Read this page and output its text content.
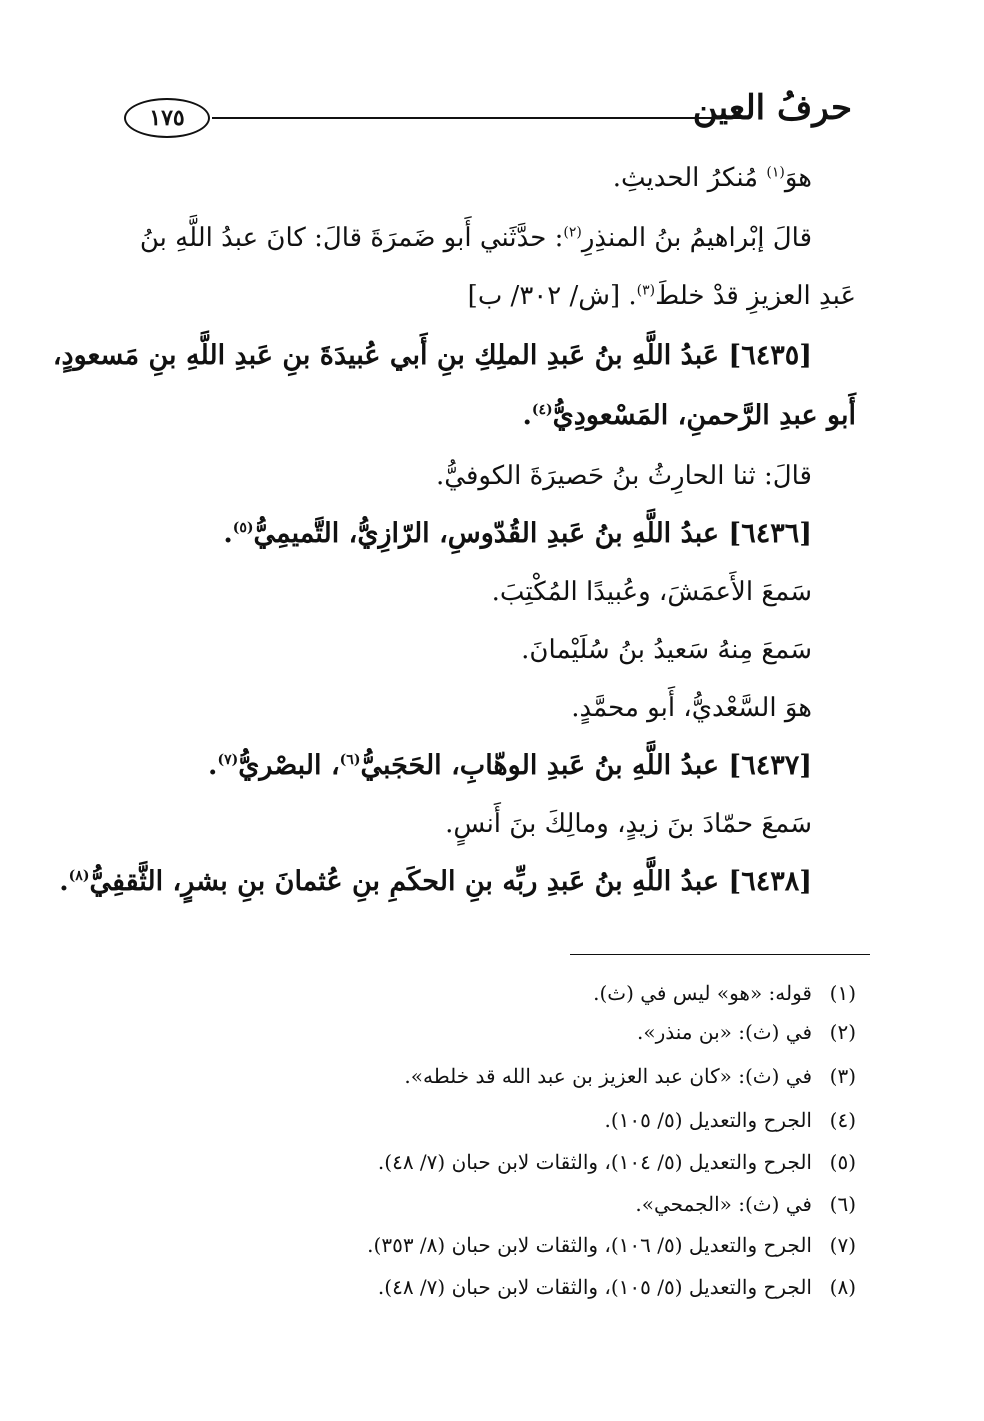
حرفُ العين
١٧٥
هوَ$^{(١)}$ مُنكرُ الحديثِ.
قالَ إبْراهيمُ بنُ المنذِرِ$^{(٢)}$: حدَّثَني أَبو ضَمرَةَ قالَ: كانَ عبدُ اللَّهِ بنُ
عَبدِ العزيزِ قدْ خلطَ$^{(٣)}$. [ش/ ٣٠٢/ ب]
[٦٤٣٥] عَبدُ اللَّهِ بنُ عَبدِ الملِكِ بنِ أَبي عُبيدَةَ بنِ عَبدِ اللَّهِ بنِ مَسعودٍ،
أَبو عبدِ الرَّحمنِ، المَسْعودِيُّ$^{(٤)}$.
قالَ: ثنا الحارِثُ بنُ حَصيرَةَ الكوفيُّ.
[٦٤٣٦] عبدُ اللَّهِ بنُ عَبدِ القُدّوسِ، الرّازِيُّ، التَّميمِيُّ$^{(٥)}$.
سَمعَ الأَعمَشَ، وعُبيدًا المُكْتِبَ.
سَمعَ مِنهُ سَعيدُ بنُ سُلَيْمانَ.
هوَ السَّعْديُّ، أَبو محمَّدٍ.
[٦٤٣٧] عبدُ اللَّهِ بنُ عَبدِ الوهّابِ، الحَجَبيُّ$^{(٦)}$، البصْريُّ$^{(٧)}$.
سَمعَ حمّادَ بنَ زيدٍ، ومالِكَ بنَ أَنسٍ.
[٦٤٣٨] عبدُ اللَّهِ بنُ عَبدِ ربِّه بنِ الحكَمِ بنِ عُثمانَ بنِ بشرٍ، الثَّقفِيُّ$^{(٨)}$.
(١)قوله: «هو» ليس في (ث).
(٢)في (ث): «بن منذر».
(٣)في (ث): «كان عبد العزيز بن عبد الله قد خلطه».
(٤)الجرح والتعديل (٥/ ١٠٥).
(٥)الجرح والتعديل (٥/ ١٠٤)، والثقات لابن حبان (٧/ ٤٨).
(٦)في (ث): «الجمحي».
(٧)الجرح والتعديل (٥/ ١٠٦)، والثقات لابن حبان (٨/ ٣٥٣).
(٨)الجرح والتعديل (٥/ ١٠٥)، والثقات لابن حبان (٧/ ٤٨).
